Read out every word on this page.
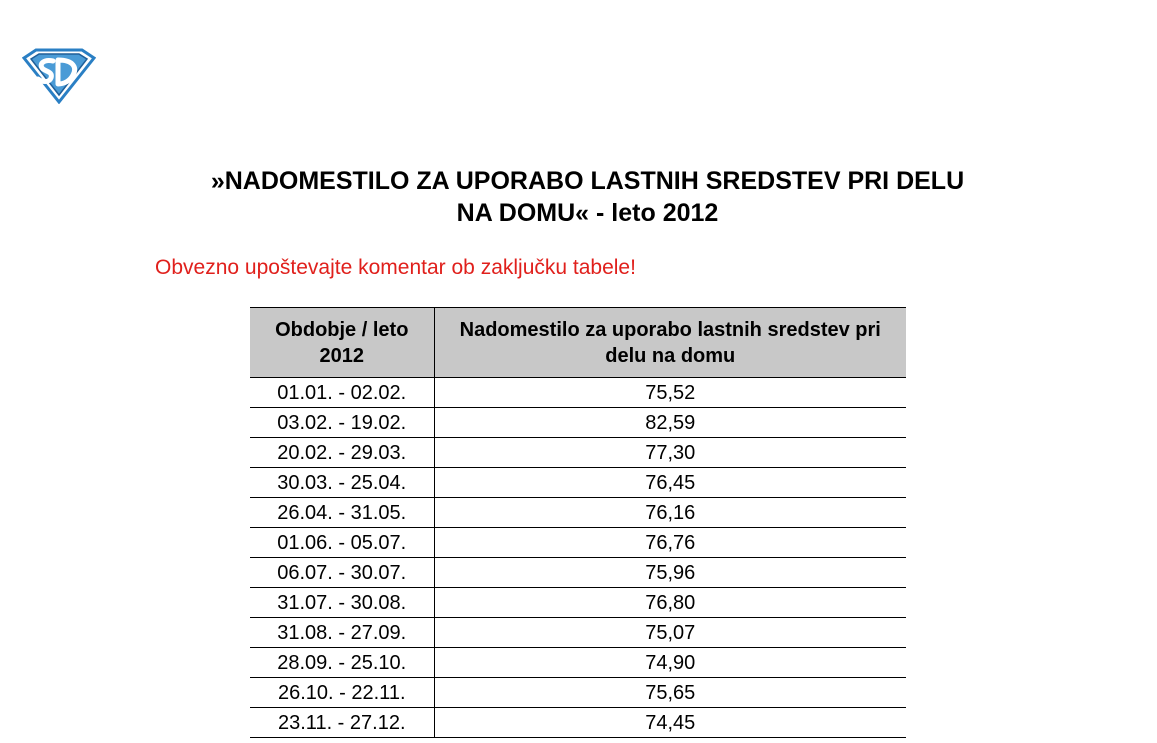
»NADOMESTILO ZA UPORABO LASTNIH SREDSTEV PRI DELU
NA DOMU« - leto 2012
Obvezno upoštevajte komentar ob zaključku tabele!
Obdobje / leto 2012	Nadomestilo za uporabo lastnih sredstev pri delu na domu
01.01. - 02.02.	75,52
03.02. - 19.02.	82,59
20.02. - 29.03.	77,30
30.03. - 25.04.	76,45
26.04. - 31.05.	76,16
01.06. - 05.07.	76,76
06.07. - 30.07.	75,96
31.07. - 30.08.	76,80
31.08. - 27.09.	75,07
28.09. - 25.10.	74,90
26.10. - 22.11.	75,65
23.11. - 27.12.	74,45
